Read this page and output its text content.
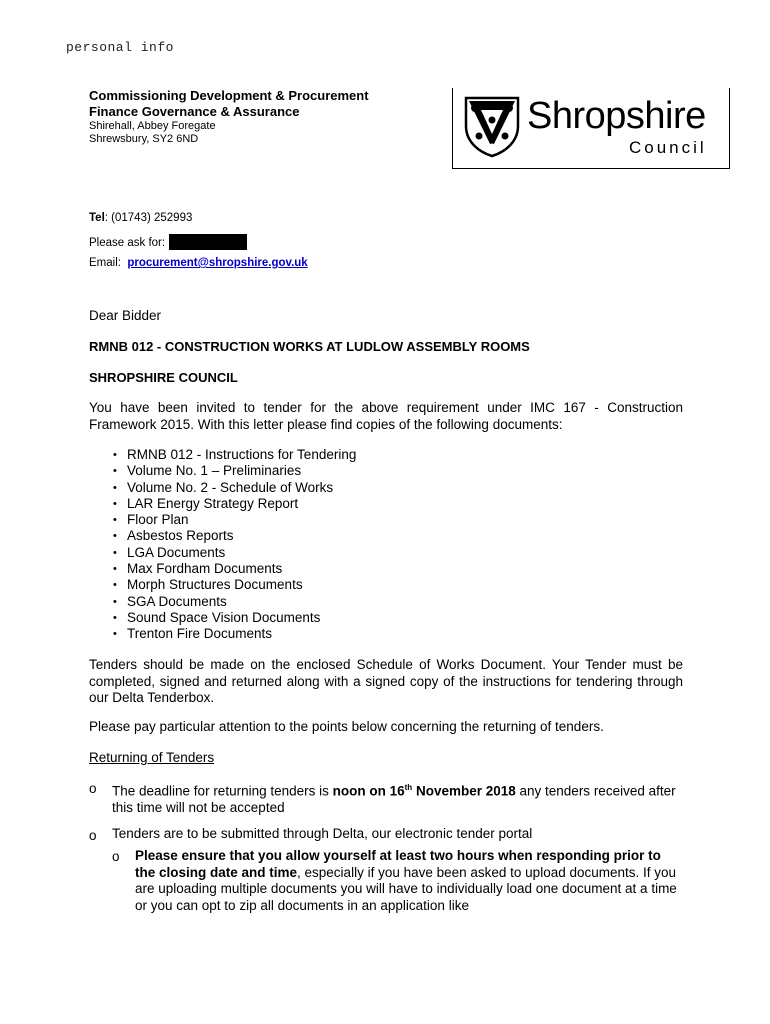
personal info
Commissioning Development & Procurement
Finance Governance & Assurance
Shirehall, Abbey Foregate
Shrewsbury, SY2 6ND
Shropshire
Council
Tel: (01743) 252993
Please ask for:
Email: procurement@shropshire.gov.uk
Dear Bidder
RMNB 012 - CONSTRUCTION WORKS AT LUDLOW ASSEMBLY ROOMS
SHROPSHIRE COUNCIL
You have been invited to tender for the above requirement under IMC 167 - Construction Framework 2015. With this letter please find copies of the following documents:
• RMNB 012 - Instructions for Tendering
• Volume No. 1 – Preliminaries
• Volume No. 2 - Schedule of Works
• LAR Energy Strategy Report
• Floor Plan
• Asbestos Reports
• LGA Documents
• Max Fordham Documents
• Morph Structures Documents
• SGA Documents
• Sound Space Vision Documents
• Trenton Fire Documents
Tenders should be made on the enclosed Schedule of Works Document. Your Tender must be completed, signed and returned along with a signed copy of the instructions for tendering through our Delta Tenderbox.
Please pay particular attention to the points below concerning the returning of tenders.
Returning of Tenders
o The deadline for returning tenders is noon on 16th November 2018 any tenders received after this time will not be accepted
o Tenders are to be submitted through Delta, our electronic tender portal
o Please ensure that you allow yourself at least two hours when responding prior to the closing date and time, especially if you have been asked to upload documents. If you are uploading multiple documents you will have to individually load one document at a time or you can opt to zip all documents in an application like
